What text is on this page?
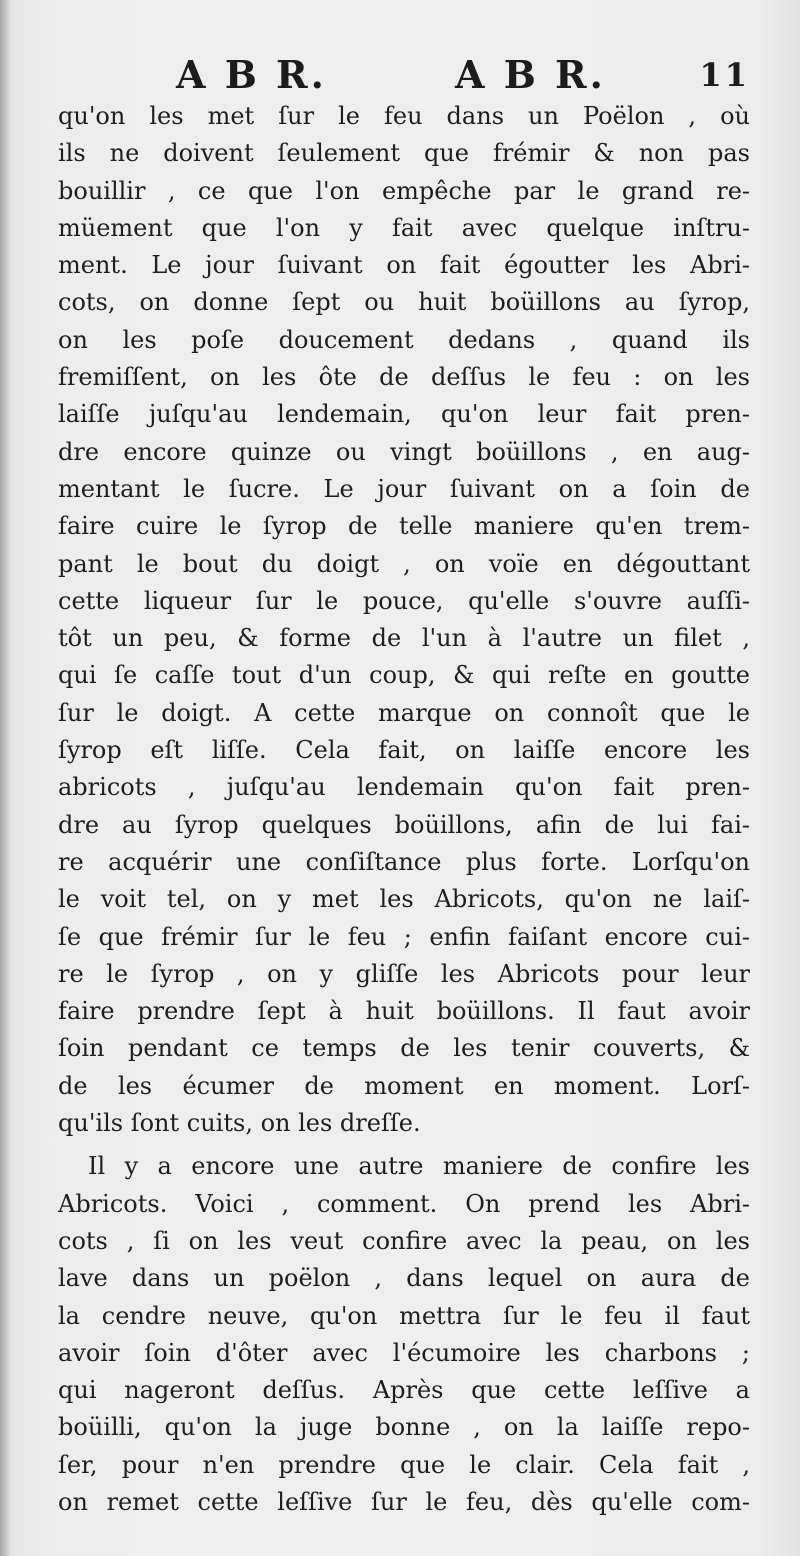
A B R.	A B R.	11
qu'on les met ſur le feu dans un Poëlon , où
ils ne doivent ſeulement que frémir & non pas
bouillir , ce que l'on empêche par le grand re-
müement que l'on y fait avec quelque inſtru-
ment. Le jour ſuivant on fait égoutter les Abri-
cots, on donne ſept ou huit boüillons au ſyrop,
on les poſe doucement dedans , quand ils
fremiſſent, on les ôte de deſſus le feu : on les
laiſſe juſqu'au lendemain, qu'on leur fait pren-
dre encore quinze ou vingt boüillons , en aug-
mentant le ſucre. Le jour ſuivant on a ſoin de
faire cuire le ſyrop de telle maniere qu'en trem-
pant le bout du doigt , on voïe en dégouttant
cette liqueur ſur le pouce, qu'elle s'ouvre auſſi-
tôt un peu, & forme de l'un à l'autre un filet ,
qui ſe caſſe tout d'un coup, & qui reſte en goutte
ſur le doigt. A cette marque on connoît que le
ſyrop eſt liſſe. Cela fait, on laiſſe encore les
abricots , juſqu'au lendemain qu'on fait pren-
dre au ſyrop quelques boüillons, afin de lui fai-
re acquérir une conſiſtance plus forte. Lorſqu'on
le voit tel, on y met les Abricots, qu'on ne laiſ-
ſe que frémir ſur le feu ; enfin faiſant encore cui-
re le ſyrop , on y gliſſe les Abricots pour leur
faire prendre ſept à huit boüillons. Il faut avoir
ſoin pendant ce temps de les tenir couverts, &
de les écumer de moment en moment. Lorſ-
qu'ils ſont cuits, on les dreſſe.
Il y a encore une autre maniere de confire les
Abricots. Voici , comment. On prend les Abri-
cots , ſi on les veut confire avec la peau, on les
lave dans un poëlon , dans lequel on aura de
la cendre neuve, qu'on mettra ſur le feu il faut
avoir ſoin d'ôter avec l'écumoire les charbons ;
qui nageront deſſus. Après que cette leſſive a
boüilli, qu'on la juge bonne , on la laiſſe repo-
ſer, pour n'en prendre que le clair. Cela fait ,
on remet cette leſſive ſur le feu, dès qu'elle com-
